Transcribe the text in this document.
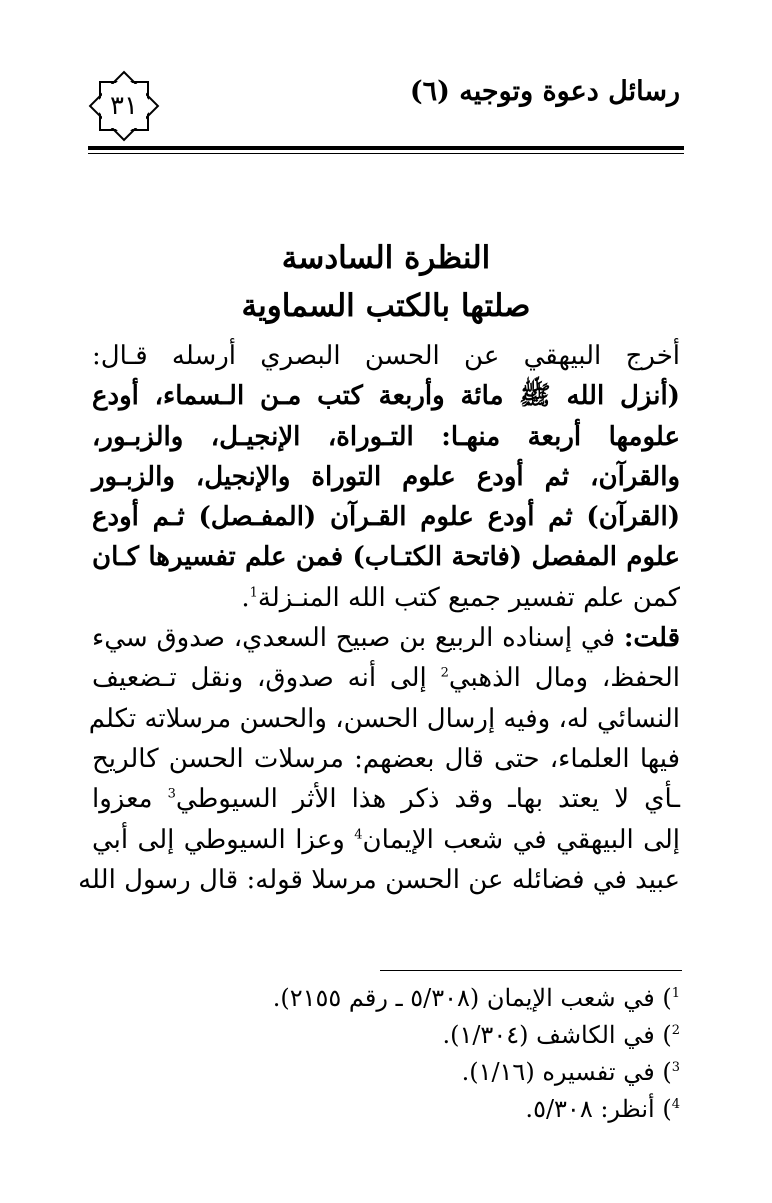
رسائل دعوة وتوجيه (٦)
٣١
النظرة السادسة
صلتها بالكتب السماوية
أخرج البيهقي عن الحسن البصري أرسله قـال:
(أنزل الله ﷺ مائة وأربعة كتب مـن الـسماء، أودع
علومها أربعة منهـا: التـوراة، الإنجيـل، والزبـور،
والقرآن، ثم أودع علوم التوراة والإنجيل، والزبـور
(القرآن) ثم أودع علوم القـرآن (المفـصل) ثـم أودع
علوم المفصل (فاتحة الكتـاب) فمن علم تفسيرها كـان
كمن علم تفسير جميع كتب الله المنـزلة$^1$.
قلت: في إسناده الربيع بن صبيح السعدي، صدوق سيء
الحفظ، ومال الذهبي$^2$ إلى أنه صدوق، ونقل تـضعيف
النسائي له، وفيه إرسال الحسن، والحسن مرسلاته تكلم
فيها العلماء، حتى قال بعضهم: مرسلات الحسن كالريح
ـأي لا يعتد بهاـ وقد ذكر هذا الأثر السيوطي$^3$ معزوا
إلى البيهقي في شعب الإيمان$^4$ وعزا السيوطي إلى أبي
عبيد في فضائله عن الحسن مرسلا قوله: قال رسول الله
$^1$) في شعب الإيمان (٥/٣٠٨ ـ رقم ٢١٥٥).
$^2$) في الكاشف (١/٣٠٤).
$^3$) في تفسيره (١/١٦).
$^4$) أنظر: ٥/٣٠٨.
